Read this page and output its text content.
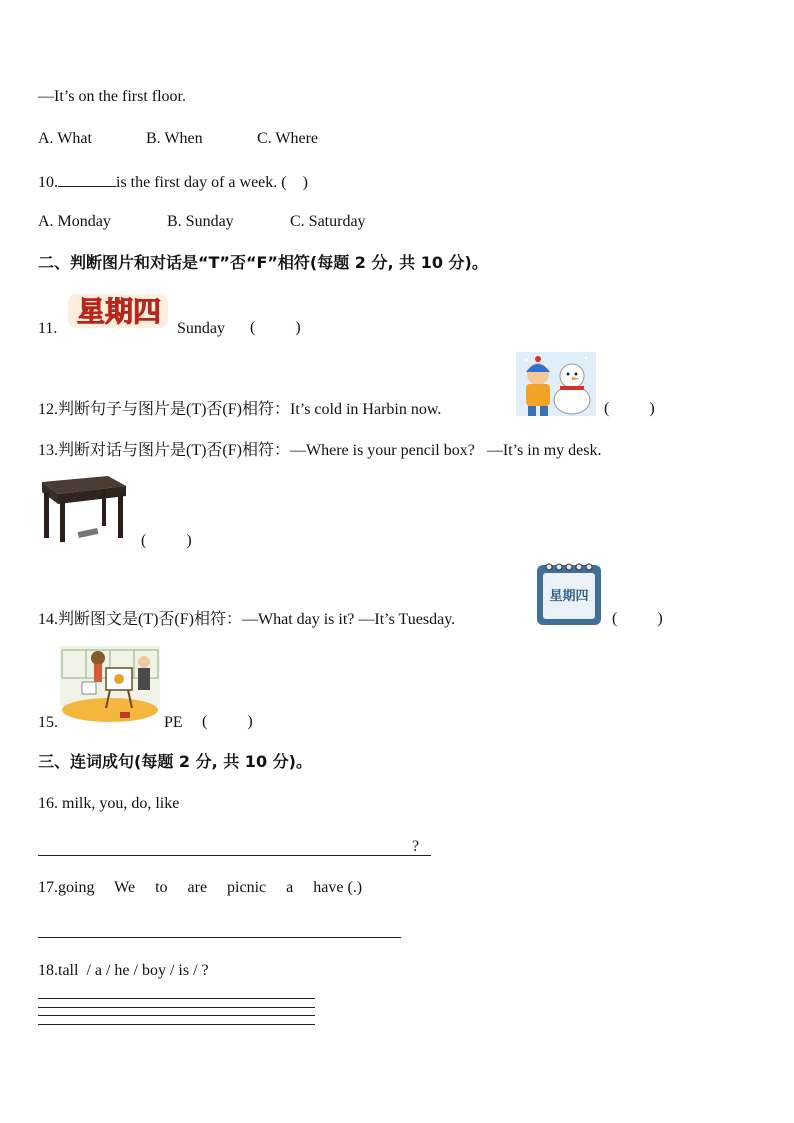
—It’s on the first floor.
A. What	B. When	C. Where
10.	is the first day of a week. (    )
A. Monday	B. Sunday	C. Saturday
二、判断图片和对话是“T”否“F”相符(每题 2 分, 共 10 分)。
11.
星期四
Sunday (          )
12.判断句子与图片是(T)否(F)相符：It’s cold in Harbin now.	(          )
13.判断对话与图片是(T)否(F)相符：—Where is your pencil box?   —It’s in my desk.
(          )
14.判断图文是(T)否(F)相符：—What day is it? —It’s Tuesday.
星期四
(          )
15.	PE (          )
三、连词成句(每题 2 分, 共 10 分)。
16. milk, you, do, like
?
17.going     We     to     are     picnic     a     have (.)
18.tall  / a / he / boy / is / ?
